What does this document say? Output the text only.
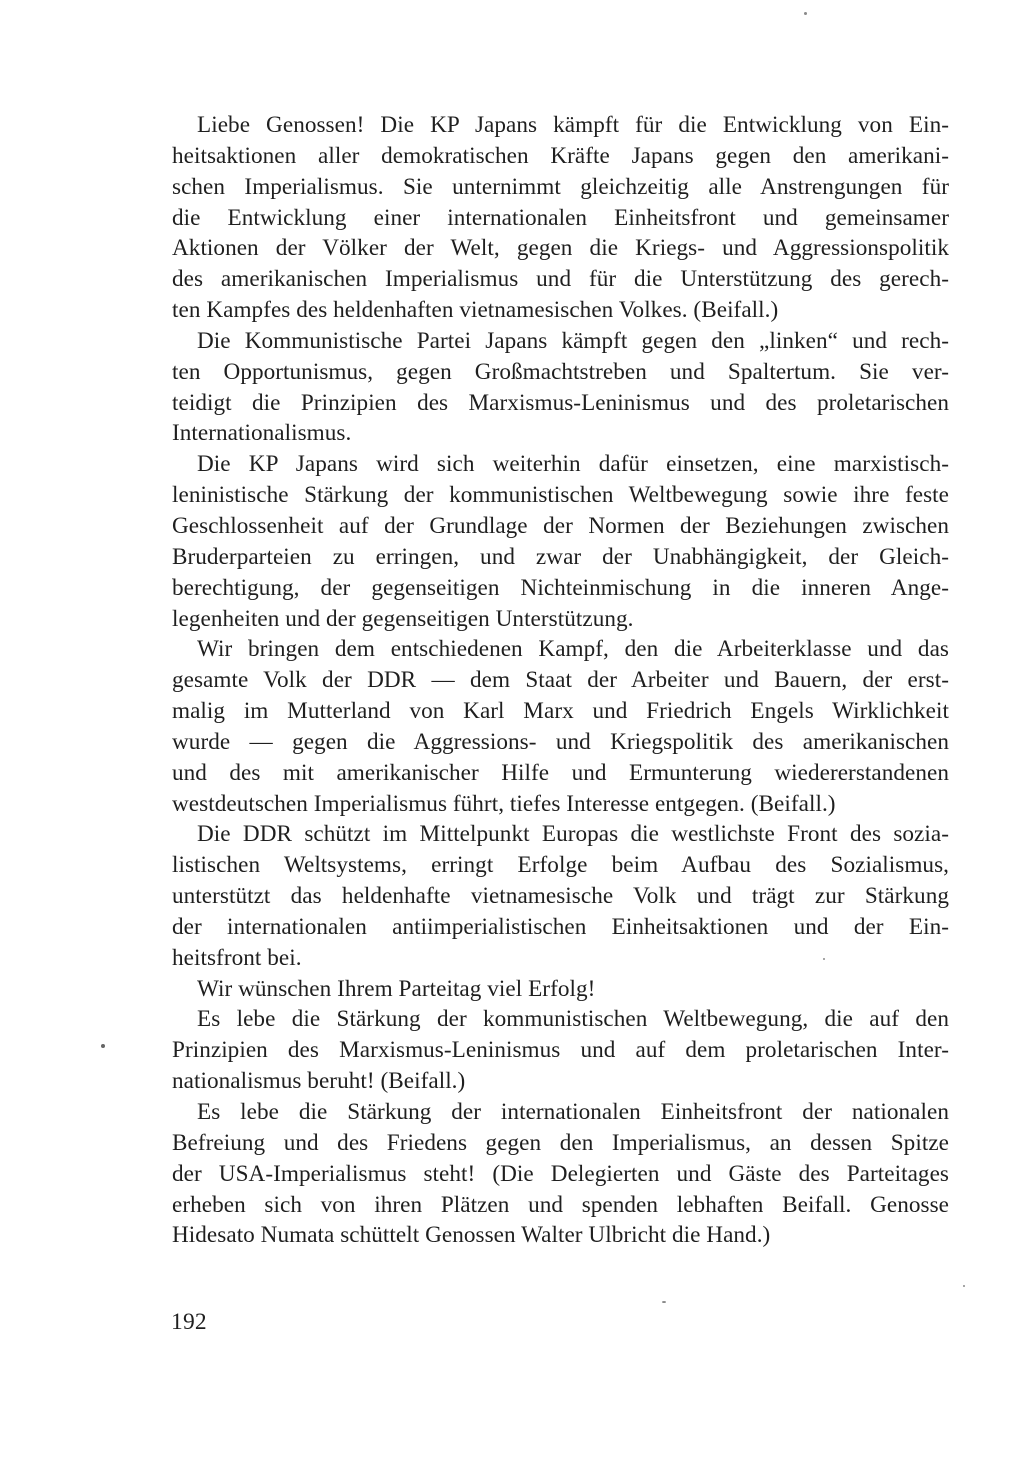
Liebe Genossen! Die KP Japans kämpft für die Entwicklung von Ein-
heitsaktionen aller demokratischen Kräfte Japans gegen den amerikani-
schen Imperialismus. Sie unternimmt gleichzeitig alle Anstrengungen für
die Entwicklung einer internationalen Einheitsfront und gemeinsamer
Aktionen der Völker der Welt, gegen die Kriegs- und Aggressionspolitik
des amerikanischen Imperialismus und für die Unterstützung des gerech-
ten Kampfes des heldenhaften vietnamesischen Volkes. (Beifall.)
Die Kommunistische Partei Japans kämpft gegen den „linken“ und rech-
ten Opportunismus, gegen Großmachtstreben und Spaltertum. Sie ver-
teidigt die Prinzipien des Marxismus-Leninismus und des proletarischen
Internationalismus.
Die KP Japans wird sich weiterhin dafür einsetzen, eine marxistisch-
leninistische Stärkung der kommunistischen Weltbewegung sowie ihre feste
Geschlossenheit auf der Grundlage der Normen der Beziehungen zwischen
Bruderparteien zu erringen, und zwar der Unabhängigkeit, der Gleich-
berechtigung, der gegenseitigen Nichteinmischung in die inneren Ange-
legenheiten und der gegenseitigen Unterstützung.
Wir bringen dem entschiedenen Kampf, den die Arbeiterklasse und das
gesamte Volk der DDR — dem Staat der Arbeiter und Bauern, der erst-
malig im Mutterland von Karl Marx und Friedrich Engels Wirklichkeit
wurde — gegen die Aggressions- und Kriegspolitik des amerikanischen
und des mit amerikanischer Hilfe und Ermunterung wiedererstandenen
westdeutschen Imperialismus führt, tiefes Interesse entgegen. (Beifall.)
Die DDR schützt im Mittelpunkt Europas die westlichste Front des sozia-
listischen Weltsystems, erringt Erfolge beim Aufbau des Sozialismus,
unterstützt das heldenhafte vietnamesische Volk und trägt zur Stärkung
der internationalen antiimperialistischen Einheitsaktionen und der Ein-
heitsfront bei.
Wir wünschen Ihrem Parteitag viel Erfolg!
Es lebe die Stärkung der kommunistischen Weltbewegung, die auf den
Prinzipien des Marxismus-Leninismus und auf dem proletarischen Inter-
nationalismus beruht! (Beifall.)
Es lebe die Stärkung der internationalen Einheitsfront der nationalen
Befreiung und des Friedens gegen den Imperialismus, an dessen Spitze
der USA-Imperialismus steht! (Die Delegierten und Gäste des Parteitages
erheben sich von ihren Plätzen und spenden lebhaften Beifall. Genosse
Hidesato Numata schüttelt Genossen Walter Ulbricht die Hand.)
192
